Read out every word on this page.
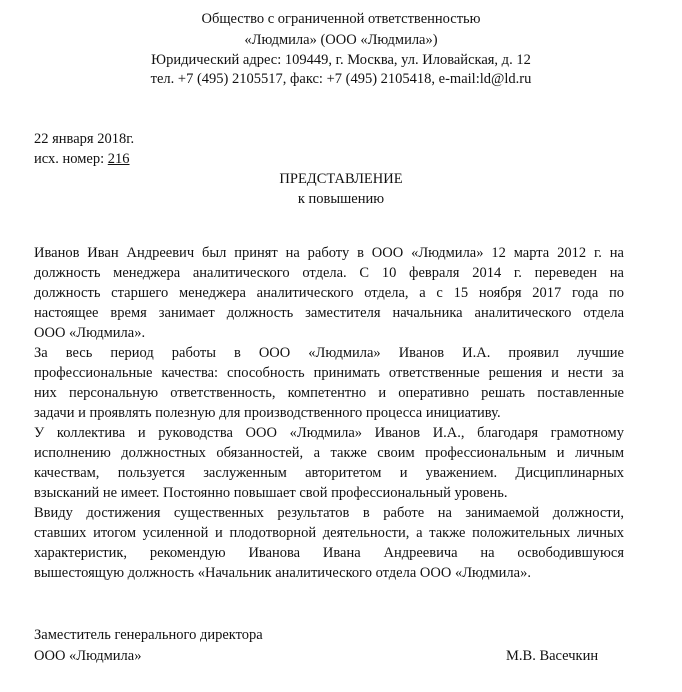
Общество с ограниченной ответственностью
«Людмила» (ООО «Людмила»)
Юридический адрес: 109449, г. Москва, ул. Иловайская, д. 12
тел. +7 (495) 2105517, факс: +7 (495) 2105418, e-mail:ld@ld.ru
22 января 2018г.
исх. номер: 216
ПРЕДСТАВЛЕНИЕ
к повышению
Иванов Иван Андреевич был принят на работу в ООО «Людмила» 12 марта 2012 г. на
должность менеджера аналитического отдела. С 10 февраля 2014 г. переведен на
должность старшего менеджера аналитического отдела, а с 15 ноября 2017 года по
настоящее время занимает должность заместителя начальника аналитического отдела
ООО «Людмила».
За весь период работы в ООО «Людмила» Иванов И.А. проявил лучшие
профессиональные качества: способность принимать ответственные решения и нести за
них персональную ответственность, компетентно и оперативно решать поставленные
задачи и проявлять полезную для производственного процесса инициативу.
У коллектива и руководства ООО «Людмила» Иванов И.А., благодаря грамотному
исполнению должностных обязанностей, а также своим профессиональным и личным
качествам, пользуется заслуженным авторитетом и уважением. Дисциплинарных
взысканий не имеет. Постоянно повышает свой профессиональный уровень.
Ввиду достижения существенных результатов в работе на занимаемой должности,
ставших итогом усиленной и плодотворной деятельности, а также положительных личных
характеристик, рекомендую Иванова Ивана Андреевича на освободившуюся
вышестоящую должность «Начальник аналитического отдела ООО «Людмила».
Заместитель генерального директора
ООО «Людмила»	М.В. Васечкин
